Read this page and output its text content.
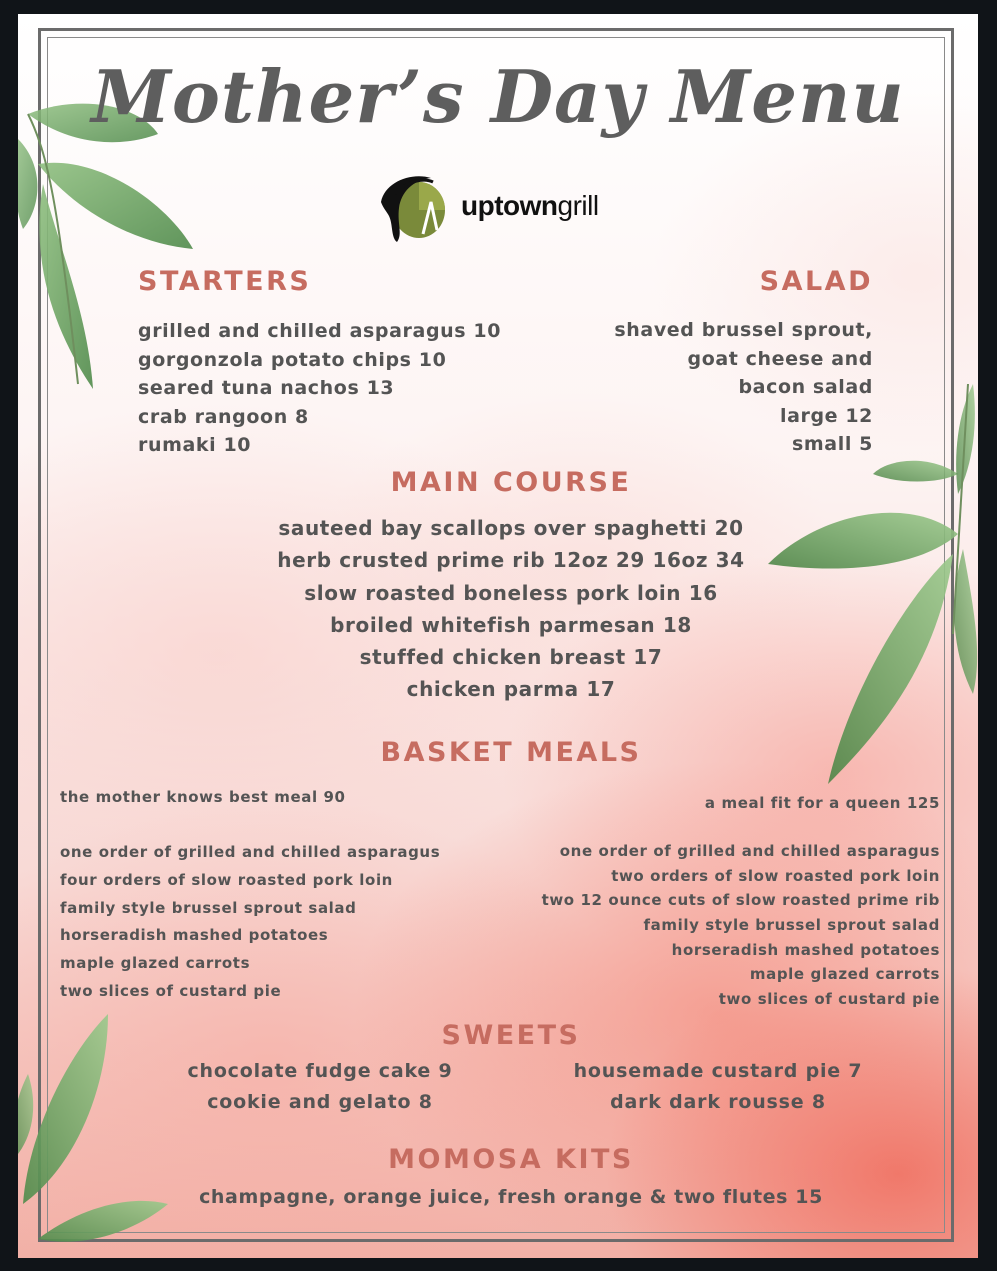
Mother’s Day Menu
uptowngrill
STARTERS
grilled and chilled asparagus 10
gorgonzola potato chips 10
seared tuna nachos 13
crab rangoon 8
rumaki 10
SALAD
shaved brussel sprout,
goat cheese and
bacon salad
large 12
small 5
MAIN COURSE
sauteed bay scallops over spaghetti 20
herb crusted prime rib 12oz 29 16oz 34
slow roasted boneless pork loin 16
broiled whitefish parmesan 18
stuffed chicken breast 17
chicken parma 17
BASKET MEALS
the mother knows best meal 90	a meal fit for a queen 125
one order of grilled and chilled asparagus
four orders of slow roasted pork loin
family style brussel sprout salad
horseradish mashed potatoes
maple glazed carrots
two slices of custard pie
one order of grilled and chilled asparagus
two orders of slow roasted pork loin
two 12 ounce cuts of slow roasted prime rib
family style brussel sprout salad
horseradish mashed potatoes
maple glazed carrots
two slices of custard pie
SWEETS
chocolate fudge cake 9
cookie and gelato 8
housemade custard pie 7
dark dark rousse 8
MOMOSA KITS

champagne, orange juice, fresh orange & two flutes 15
